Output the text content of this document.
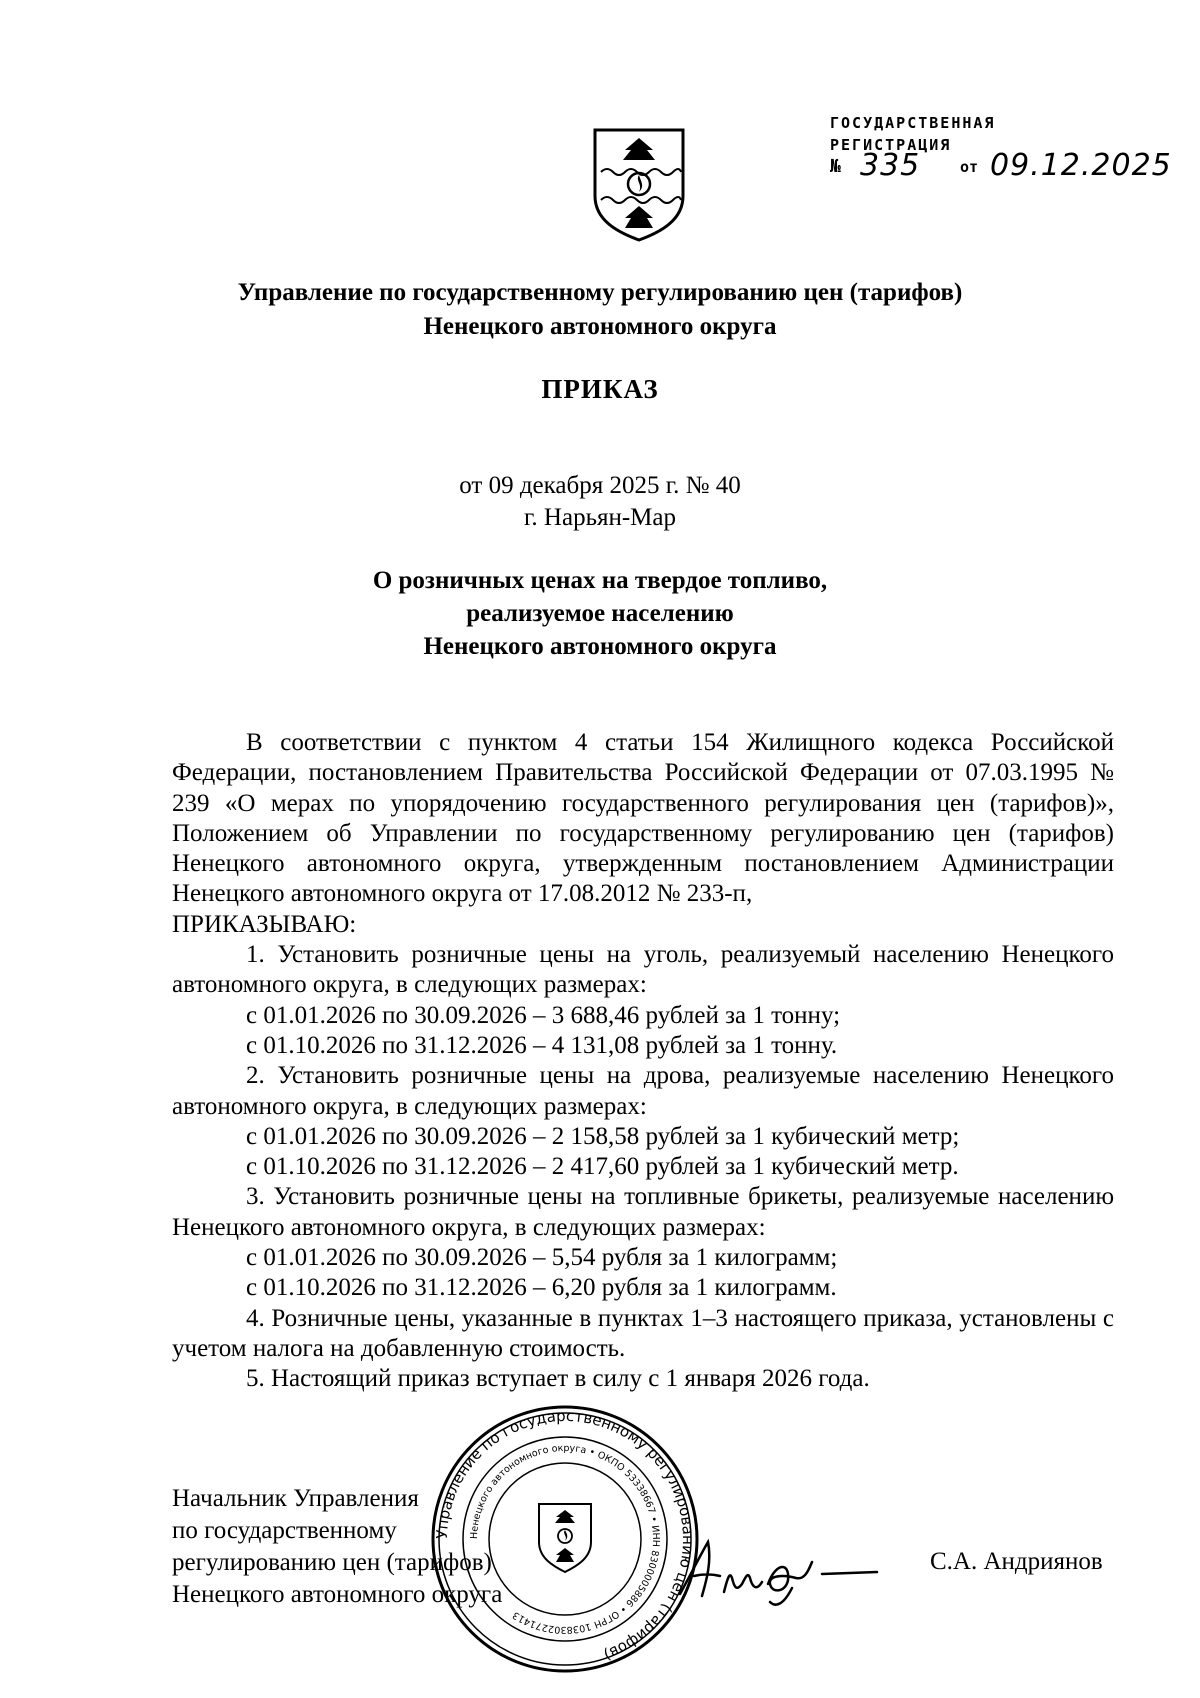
ГОСУДАРСТВЕННАЯ
РЕГИСТРАЦИЯ
№ 335	от 09.12.2025
Управление по государственному регулированию цен (тарифов)
Ненецкого автономного округа
ПРИКАЗ
от 09 декабря 2025 г. № 40
г. Нарьян-Мар
О розничных ценах на твердое топливо,
реализуемое населению
Ненецкого автономного округа

В соответствии с пунктом 4 статьи 154 Жилищного кодекса Российской Федерации, постановлением Правительства Российской Федерации от 07.03.1995 № 239 «О мерах по упорядочению государственного регулирования цен (тарифов)», Положением об Управлении по государственному регулированию цен (тарифов) Ненецкого автономного округа, утвержденным постановлением Администрации Ненецкого автономного округа от 17.08.2012 № 233-п,

ПРИКАЗЫВАЮ:

1. Установить розничные цены на уголь, реализуемый населению Ненецкого автономного округа, в следующих размерах:

с 01.01.2026 по 30.09.2026 – 3 688,46 рублей за 1 тонну;

с 01.10.2026 по 31.12.2026 – 4 131,08 рублей за 1 тонну.

2. Установить розничные цены на дрова, реализуемые населению Ненецкого автономного округа, в следующих размерах:

с 01.01.2026 по 30.09.2026 – 2 158,58 рублей за 1 кубический метр;

с 01.10.2026 по 31.12.2026 – 2 417,60 рублей за 1 кубический метр.

3. Установить розничные цены на топливные брикеты, реализуемые населению Ненецкого автономного округа, в следующих размерах:

с 01.01.2026 по 30.09.2026 – 5,54 рубля за 1 килограмм;

с 01.10.2026 по 31.12.2026 – 6,20 рубля за 1 килограмм.

4. Розничные цены, указанные в пунктах 1–3 настоящего приказа, установлены с учетом налога на добавленную стоимость.

5. Настоящий приказ вступает в силу с 1 января 2026 года.

Начальник Управления
по государственному
регулированию цен (тарифов)
Ненецкого автономного округа
С.А. Андриянов
Управление по государственному регулированию цен (тарифов)
Ненецкого автономного округа • ОКПО 53338667 • ИНН 8300005886 • ОГРН 1038302271413
